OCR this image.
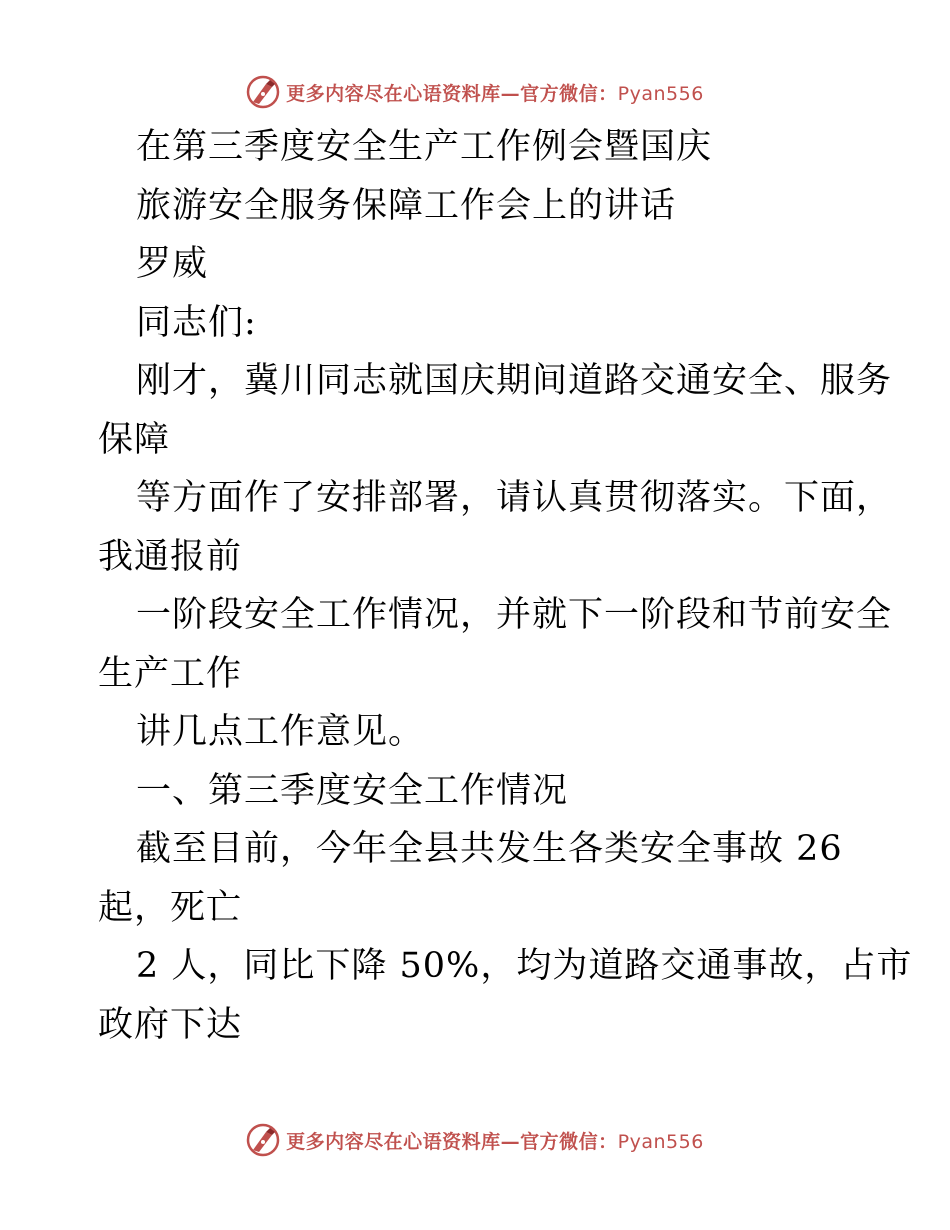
更多内容尽在心语资料库—官方微信：Pyan556
在第三季度安全生产工作例会暨国庆
旅游安全服务保障工作会上的讲话
罗威
同志们:
刚才，冀川同志就国庆期间道路交通安全、服务
保障
等方面作了安排部署，请认真贯彻落实。下面，
我通报前
一阶段安全工作情况，并就下一阶段和节前安全
生产工作
讲几点工作意见。
一、第三季度安全工作情况
截至目前，今年全县共发生各类安全事故 26
起，死亡
2 人，同比下降 50%，均为道路交通事故，占市
政府下达
更多内容尽在心语资料库—官方微信：Pyan556
